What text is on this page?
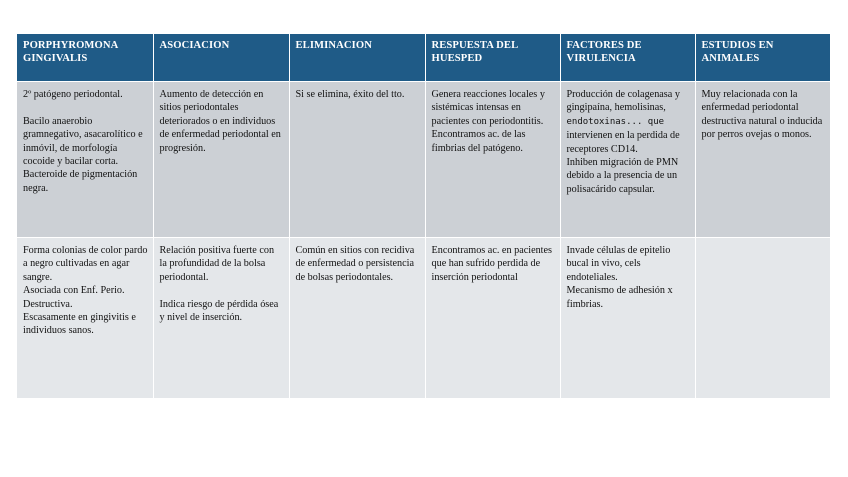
PORPHYROMONA GINGIVALIS	ASOCIACION	ELIMINACION	RESPUESTA DEL HUESPED	FACTORES DE VIRULENCIA	ESTUDIOS EN ANIMALES
2º patógeno periodontal.

Bacilo anaerobio gramnegativo, asacarolítico e inmóvil, de morfología cocoide y bacilar corta.
Bacteroide de pigmentación negra.	Aumento de detección en sitios periodontales deteriorados o en individuos de enfermedad periodontal en progresión.	Si se elimina, éxito del tto.	Genera reacciones locales y sistémicas intensas en pacientes con periodontitis.
Encontramos ac. de las fimbrias del patógeno.	Producción de colagenasa y gingipaína, hemolisinas, endotoxinas... que intervienen en la perdida de receptores CD14.
Inhiben migración de PMN debido a la presencia de un polisacárido capsular.	Muy relacionada con la enfermedad periodontal destructiva natural o inducida por perros ovejas o monos.
Forma colonias de color pardo a negro cultivadas en agar sangre.
Asociada con Enf. Perio. Destructiva.
Escasamente en gingivitis e individuos sanos.	Relación positiva fuerte con la profundidad de la bolsa periodontal.

Indica riesgo de pérdida ósea y nivel de inserción.	Común en sitios con recidiva de enfermedad o persistencia de bolsas periodontales.	Encontramos ac. en pacientes que han sufrido perdida de inserción periodontal	Invade células de epitelio bucal in vivo, cels endoteliales.
Mecanismo de adhesión x fimbrias.	
